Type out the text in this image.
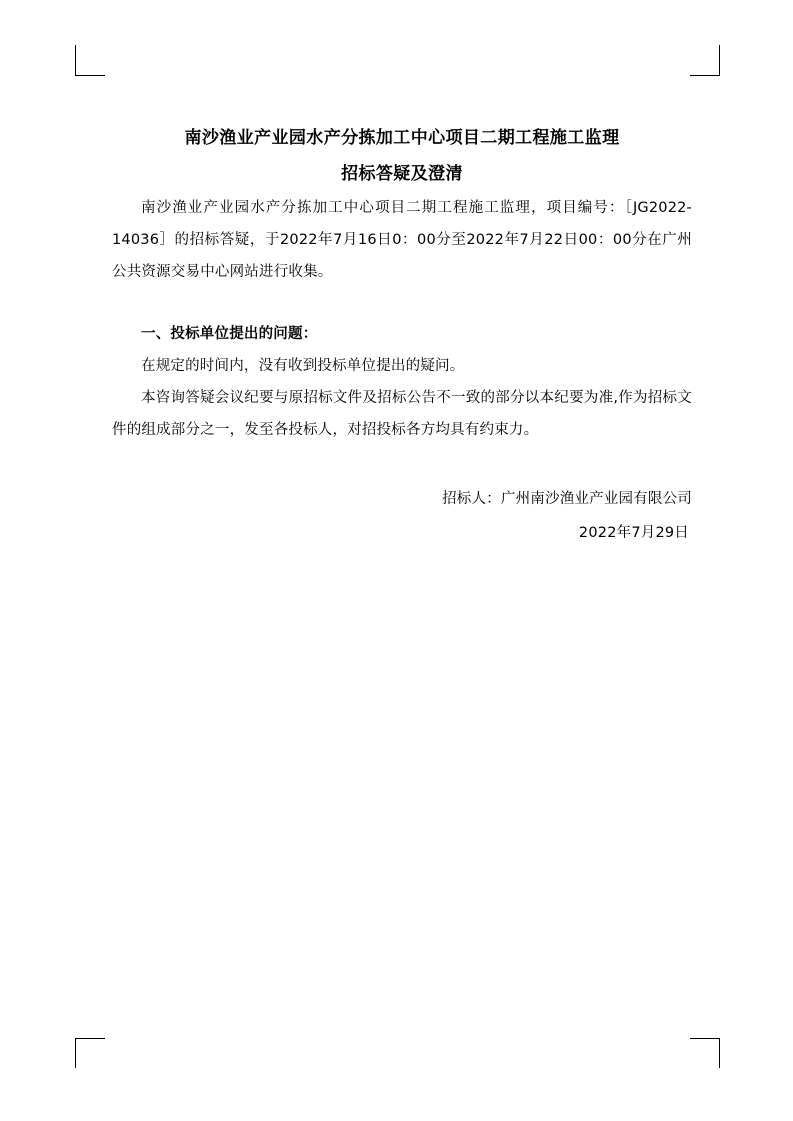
南沙渔业产业园水产分拣加工中心项目二期工程施工监理
招标答疑及澄清

南沙渔业产业园水产分拣加工中心项目二期工程施工监理，项目编号：［JG2022-14036］的招标答疑，于2022年7月16日0：00分至2022年7月22日00：00分在广州公共资源交易中心网站进行收集。

一、投标单位提出的问题：

在规定的时间内，没有收到投标单位提出的疑问。

本咨询答疑会议纪要与原招标文件及招标公告不一致的部分以本纪要为准,作为招标文件的组成部分之一，发至各投标人，对招投标各方均具有约束力。

招标人：广州南沙渔业产业园有限公司
2022年7月29日
